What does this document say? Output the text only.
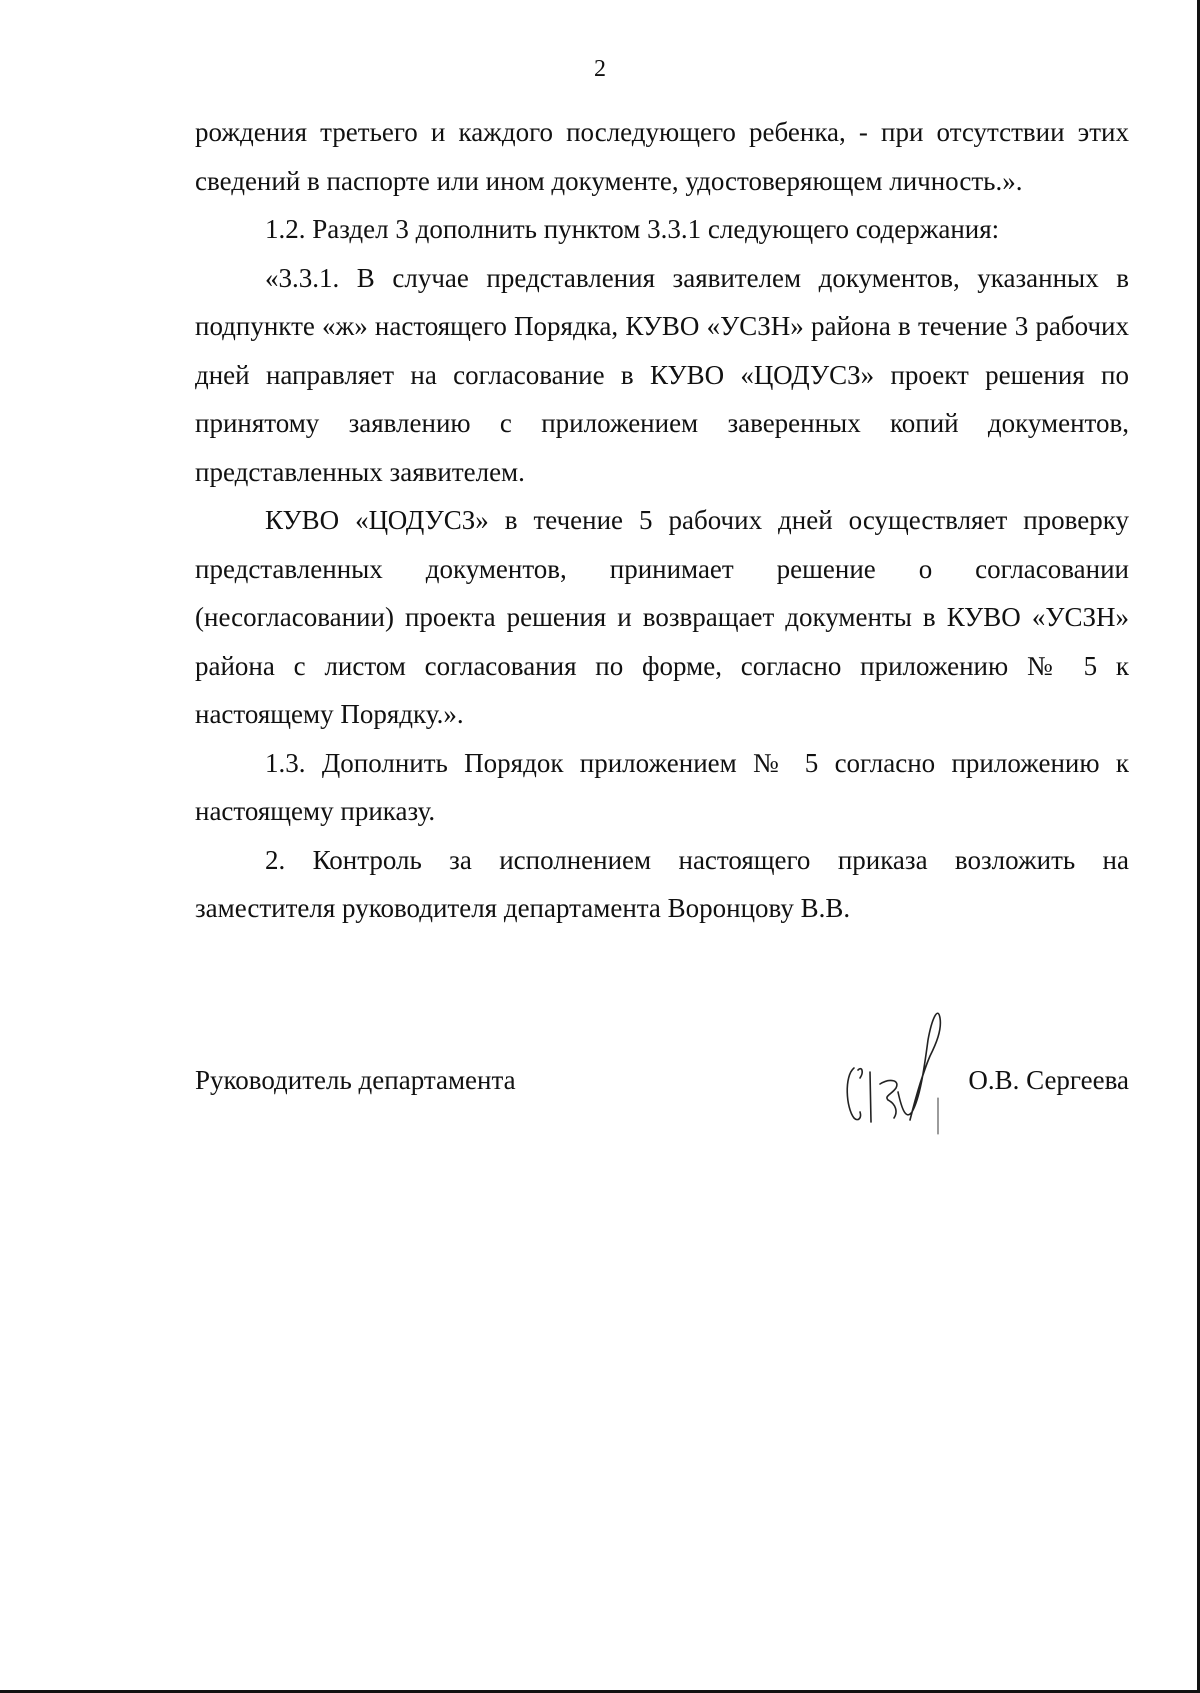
2

рождения третьего и каждого последующего ребенка, - при отсутствии этих сведений в паспорте или ином документе, удостоверяющем личность.».

1.2. Раздел 3 дополнить пунктом 3.3.1 следующего содержания:

«3.3.1. В случае представления заявителем документов, указанных в подпункте «ж» настоящего Порядка, КУВО «УСЗН» района в течение 3 рабочих дней направляет на согласование в КУВО «ЦОДУСЗ» проект решения по принятому заявлению с приложением заверенных копий документов, представленных заявителем.

КУВО «ЦОДУСЗ» в течение 5 рабочих дней осуществляет проверку представленных документов, принимает решение о согласовании (несогласовании) проекта решения и возвращает документы в КУВО «УСЗН» района с листом согласования по форме, согласно приложению № 5 к настоящему Порядку.».

1.3. Дополнить Порядок приложением № 5 согласно приложению к настоящему приказу.

2. Контроль за исполнением настоящего приказа возложить на заместителя руководителя департамента Воронцову В.В.

Руководитель департамента	О.В. Сергеева
